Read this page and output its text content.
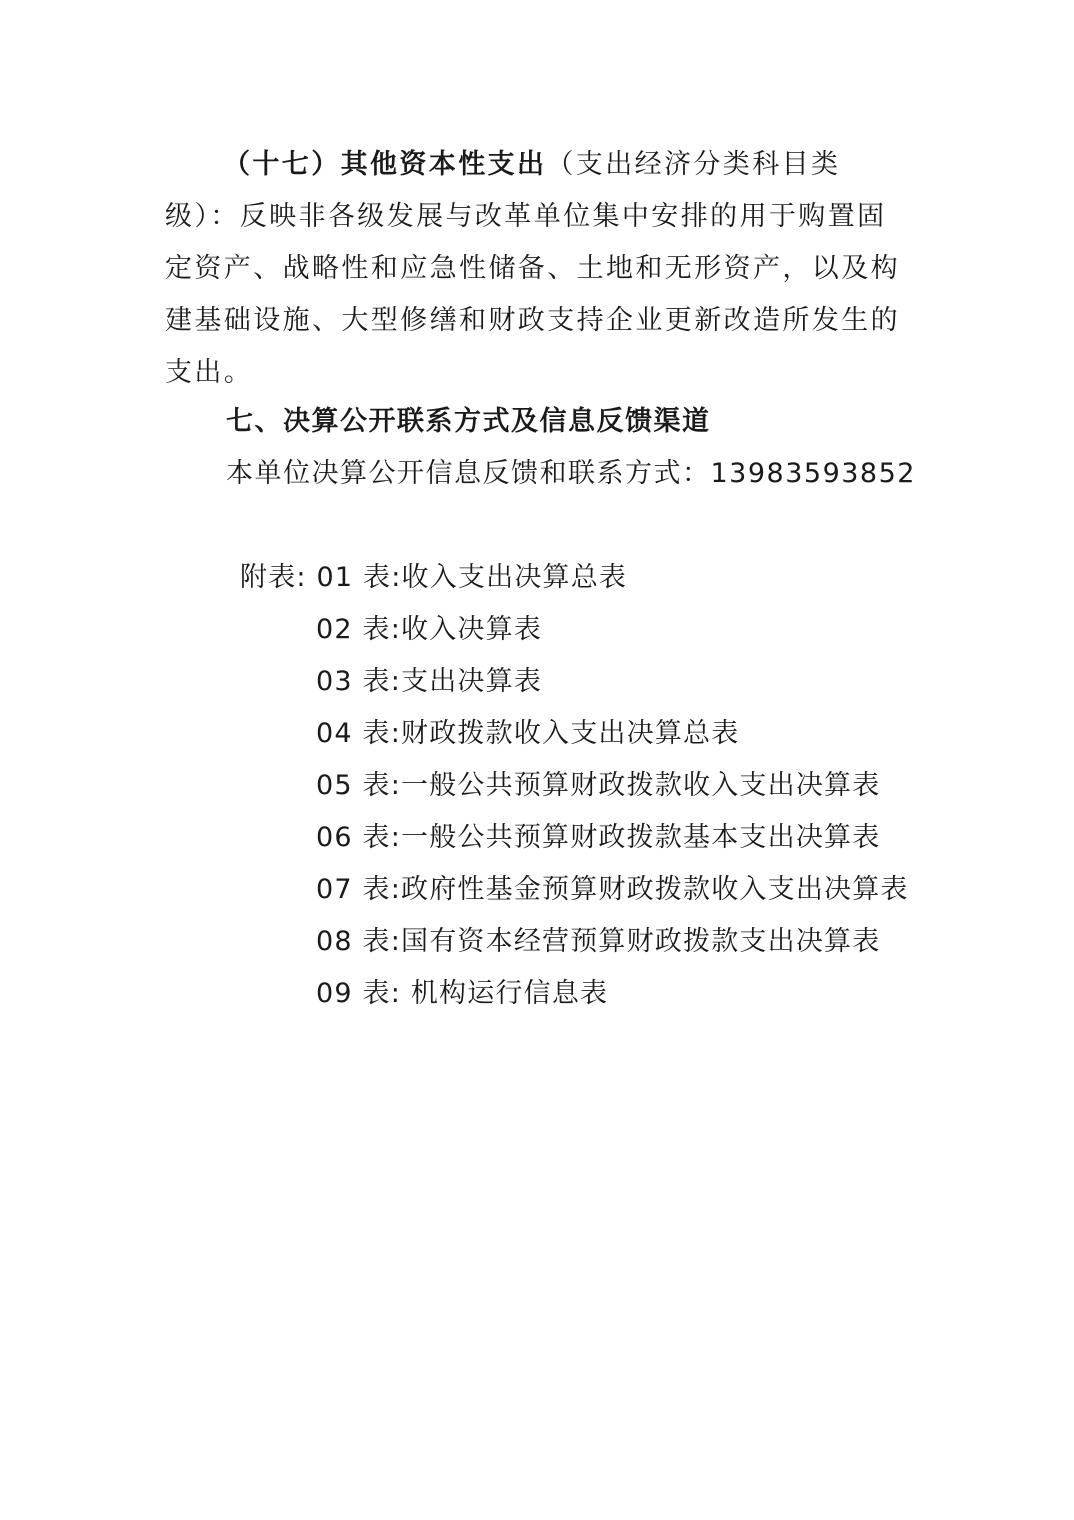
（十七）其他资本性支出（支出经济分类科目类级）：反映非各级发展与改革单位集中安排的用于购置固定资产、战略性和应急性储备、土地和无形资产，以及构建基础设施、大型修缮和财政支持企业更新改造所发生的支出。

七、决算公开联系方式及信息反馈渠道

本单位决算公开信息反馈和联系方式：13983593852

附表: 01 表:收入支出决算总表
02 表:收入决算表
03 表:支出决算表
04 表:财政拨款收入支出决算总表
05 表:一般公共预算财政拨款收入支出决算表
06 表:一般公共预算财政拨款基本支出决算表
07 表:政府性基金预算财政拨款收入支出决算表
08 表:国有资本经营预算财政拨款支出决算表
09 表: 机构运行信息表
